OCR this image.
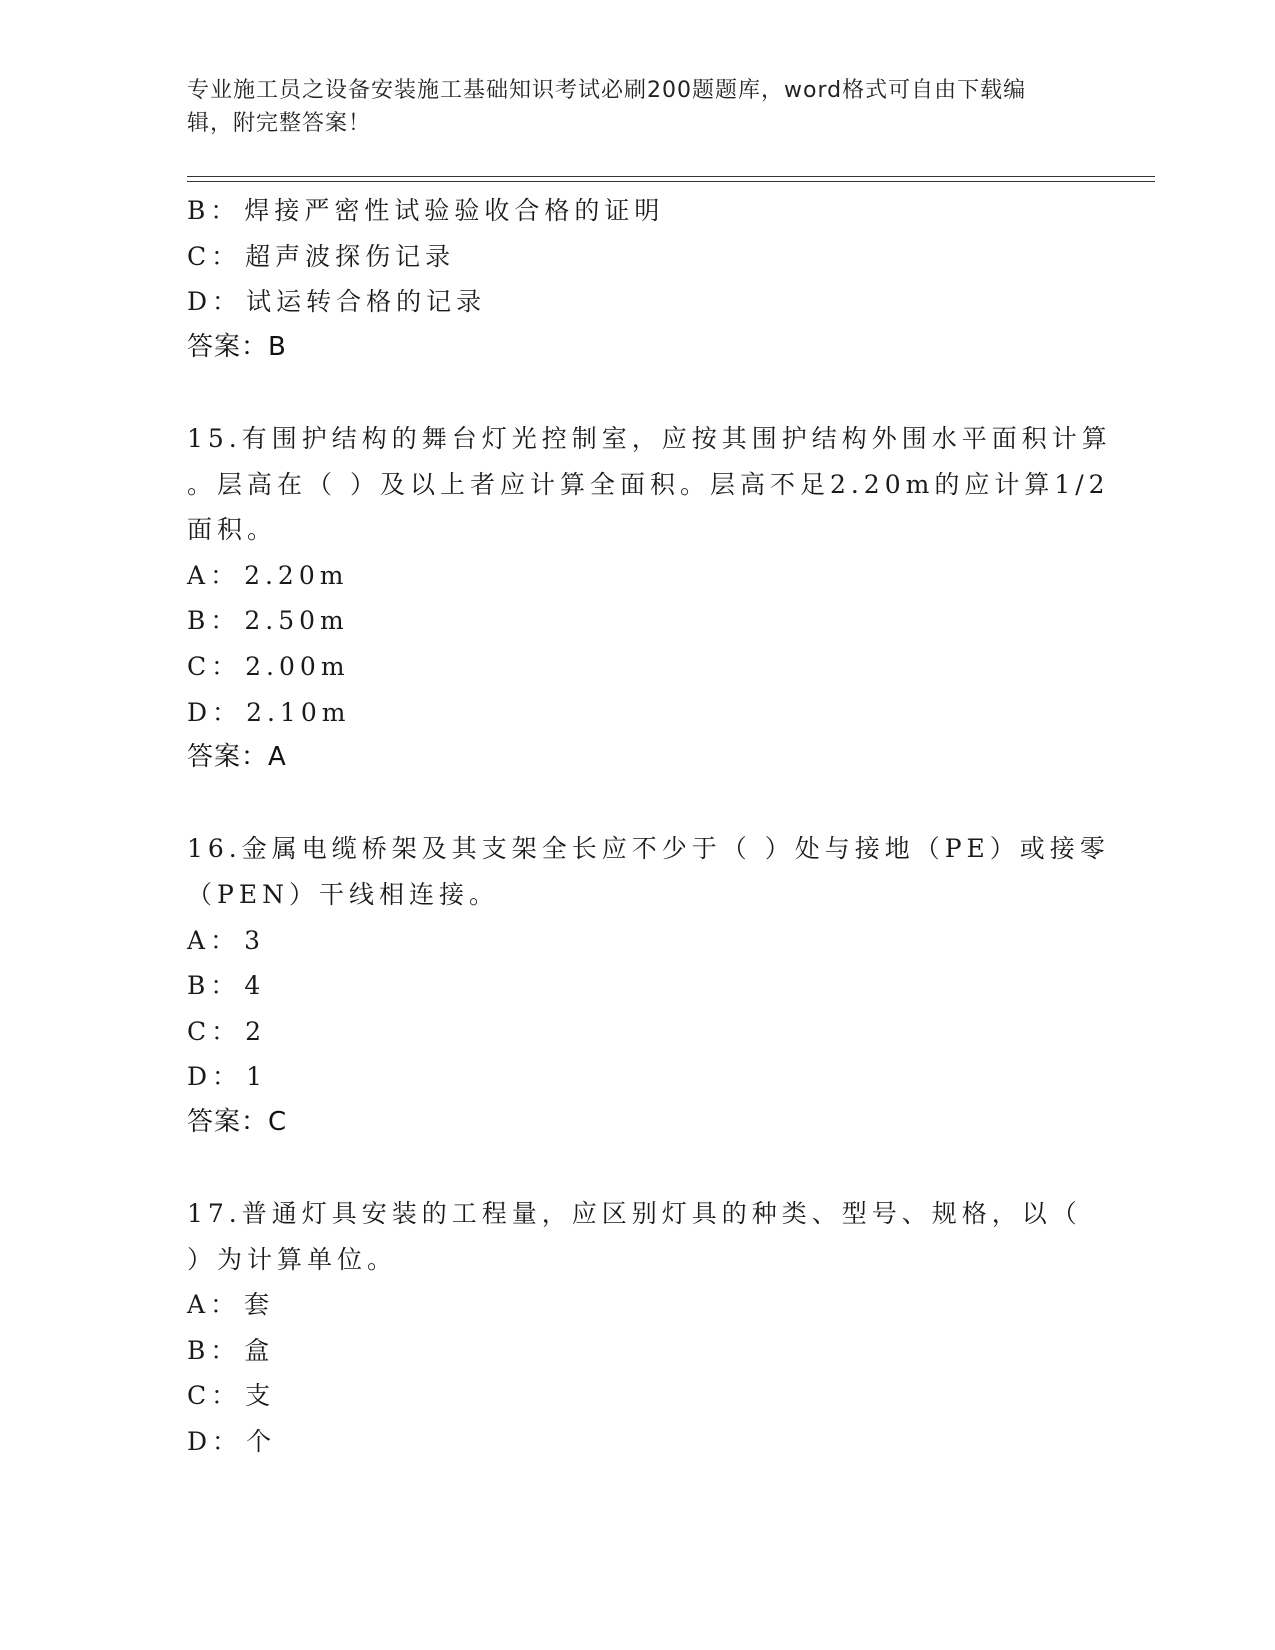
专业施工员之设备安装施工基础知识考试必刷200题题库，word格式可自由下载编辑，附完整答案！
B： 焊接严密性试验验收合格的证明
C： 超声波探伤记录
D： 试运转合格的记录
答案：B
15.有围护结构的舞台灯光控制室，应按其围护结构外围水平面积计算
。层高在（ ）及以上者应计算全面积。层高不足2.20m的应计算1/2
面积。
A： 2.20m
B： 2.50m
C： 2.00m
D： 2.10m
答案：A
16.金属电缆桥架及其支架全长应不少于（ ）处与接地（PE）或接零
（PEN）干线相连接。
A： 3
B： 4
C： 2
D： 1
答案：C
17.普通灯具安装的工程量，应区别灯具的种类、型号、规格，以（
）为计算单位。
A： 套
B： 盒
C： 支
D： 个
